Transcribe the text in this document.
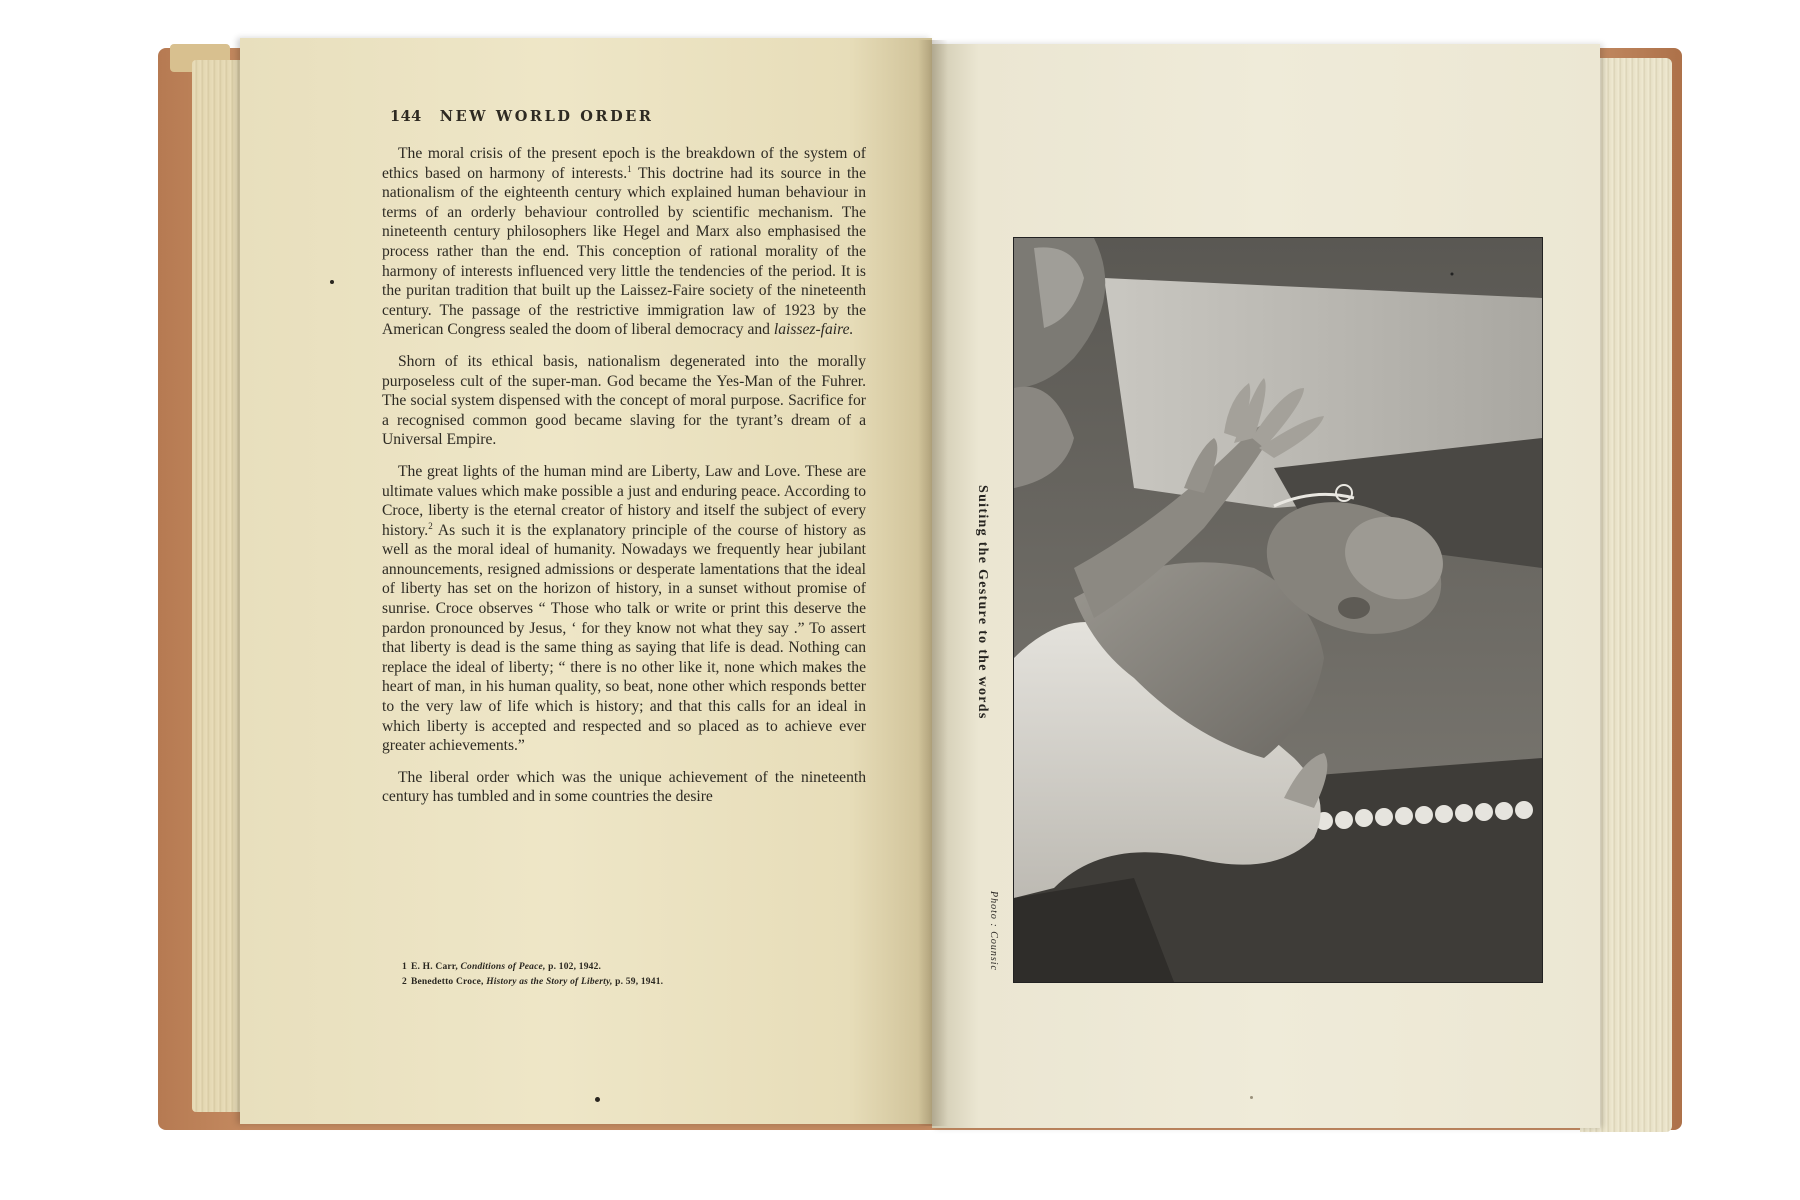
144 NEW WORLD ORDER

The moral crisis of the present epoch is the breakdown of the system of ethics based on harmony of interests.$^1$ This doctrine had its source in the nationalism of the eighteenth century which explained human behaviour in terms of an orderly behaviour controlled by scientific mechanism. The nineteenth century philosophers like Hegel and Marx also emphasised the process rather than the end. This conception of rational morality of the harmony of interests influenced very little the tendencies of the period. It is the puritan tradition that built up the Laissez-Faire society of the nineteenth century. The passage of the restrictive immigration law of 1923 by the American Congress sealed the doom of liberal democracy and laissez-faire.

Shorn of its ethical basis, nationalism degenerated into the morally purposeless cult of the super-man. God became the Yes-Man of the Fuhrer. The social system dispensed with the concept of moral purpose. Sacrifice for a recognised common good became slaving for the tyrant’s dream of a Universal Empire.

The great lights of the human mind are Liberty, Law and Love. These are ultimate values which make possible a just and enduring peace. According to Croce, liberty is the eternal creator of history and itself the subject of every history.$^2$ As such it is the explanatory principle of the course of history as well as the moral ideal of humanity. Nowadays we frequently hear jubilant announcements, resigned admissions or desperate lamentations that the ideal of liberty has set on the horizon of history, in a sunset without promise of sunrise. Croce observes “ Those who talk or write or print this deserve the pardon pronounced by Jesus, ‘ for they know not what they say .” To assert that liberty is dead is the same thing as saying that life is dead. Nothing can replace the ideal of liberty; “ there is no other like it, none which makes the heart of man, in his human quality, so beat, none other which responds better to the very law of life which is history; and that this calls for an ideal in which liberty is accepted and respected and so placed as to achieve ever greater achievements.”

The liberal order which was the unique achievement of the nineteenth century has tumbled and in some countries the desire

1 E. H. Carr, Conditions of Peace, p. 102, 1942.
2 Benedetto Croce, History as the Story of Liberty, p. 59, 1941.
Suiting the Gesture to the words
Photo : Counsic
